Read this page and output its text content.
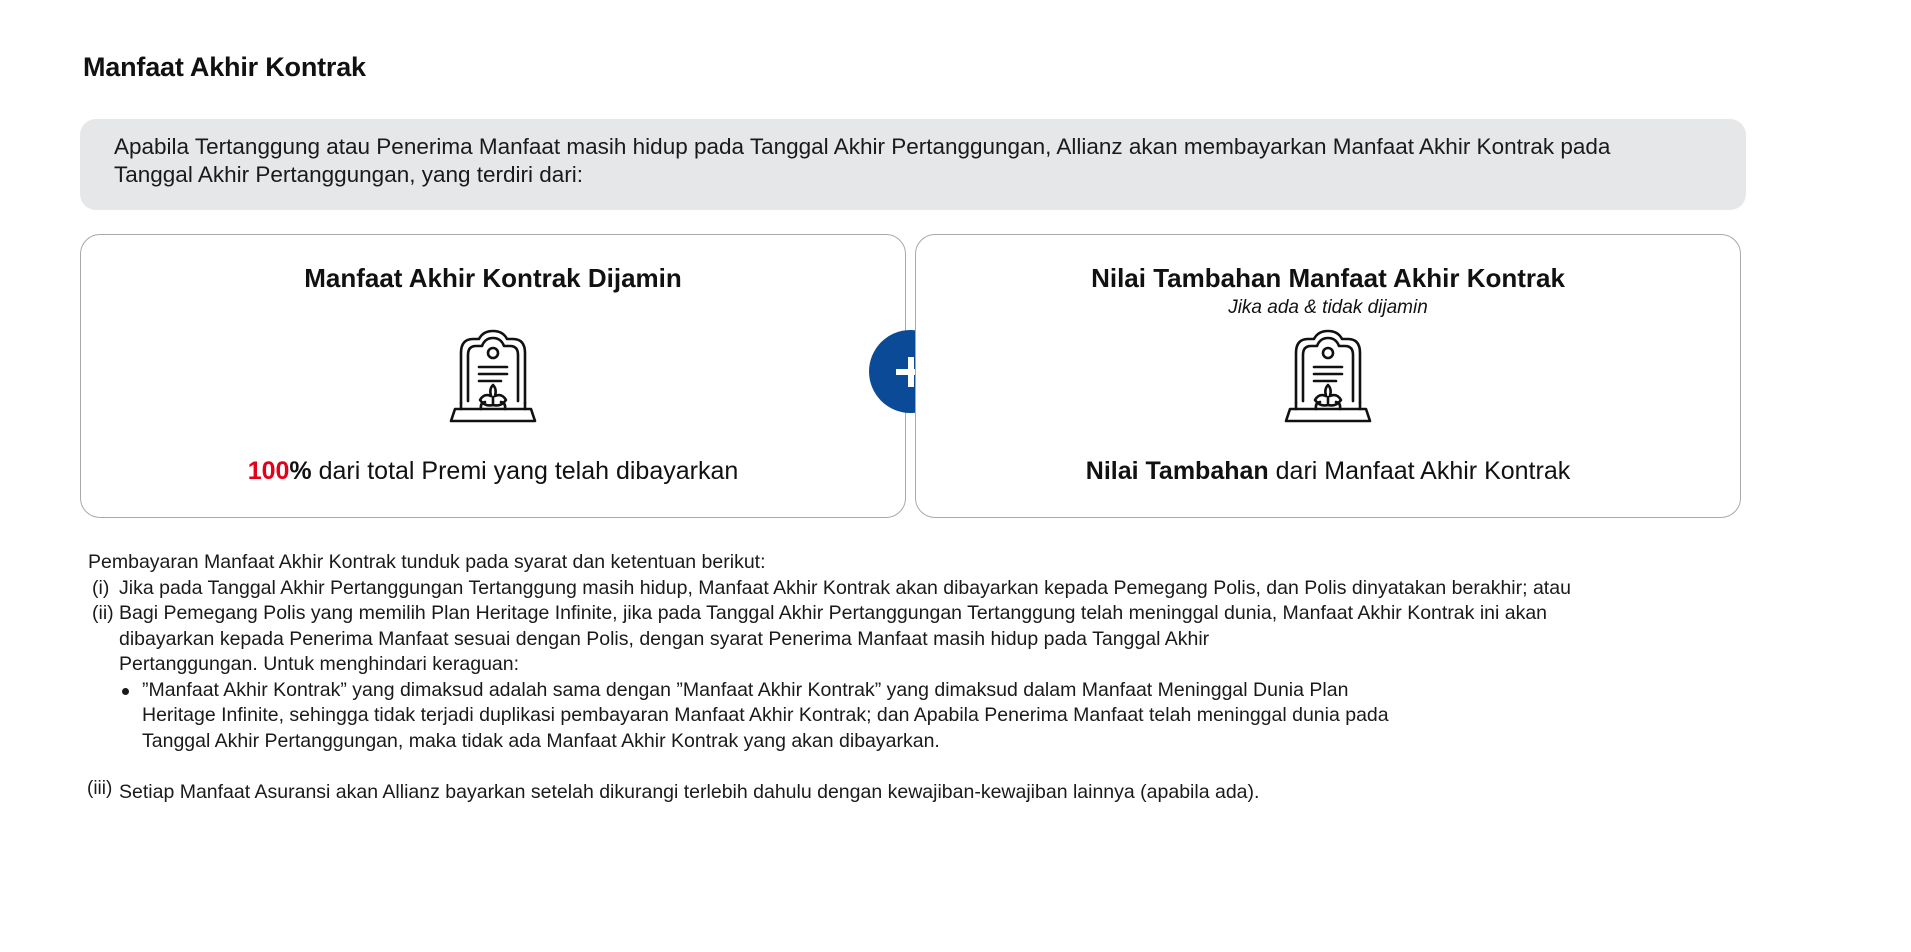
Manfaat Akhir Kontrak
Apabila Tertanggung atau Penerima Manfaat masih hidup pada Tanggal Akhir Pertanggungan, Allianz akan membayarkan Manfaat Akhir Kontrak pada
Tanggal Akhir Pertanggungan, yang terdiri dari:
Manfaat Akhir Kontrak Dijamin
100% dari total Premi yang telah dibayarkan
Nilai Tambahan Manfaat Akhir Kontrak
Jika ada & tidak dijamin
Nilai Tambahan dari Manfaat Akhir Kontrak
Pembayaran Manfaat Akhir Kontrak tunduk pada syarat dan ketentuan berikut:
(i) Jika pada Tanggal Akhir Pertanggungan Tertanggung masih hidup, Manfaat Akhir Kontrak akan dibayarkan kepada Pemegang Polis, dan Polis dinyatakan berakhir; atau
(ii) Bagi Pemegang Polis yang memilih Plan Heritage Infinite, jika pada Tanggal Akhir Pertanggungan Tertanggung telah meninggal dunia, Manfaat Akhir Kontrak ini akan
dibayarkan kepada Penerima Manfaat sesuai dengan Polis, dengan syarat Penerima Manfaat masih hidup pada Tanggal Akhir
Pertanggungan. Untuk menghindari keraguan:
”Manfaat Akhir Kontrak” yang dimaksud adalah sama dengan ”Manfaat Akhir Kontrak” yang dimaksud dalam Manfaat Meninggal Dunia Plan
Heritage Infinite, sehingga tidak terjadi duplikasi pembayaran Manfaat Akhir Kontrak; dan Apabila Penerima Manfaat telah meninggal dunia pada
Tanggal Akhir Pertanggungan, maka tidak ada Manfaat Akhir Kontrak yang akan dibayarkan.
(iii) Setiap Manfaat Asuransi akan Allianz bayarkan setelah dikurangi terlebih dahulu dengan kewajiban-kewajiban lainnya (apabila ada).
